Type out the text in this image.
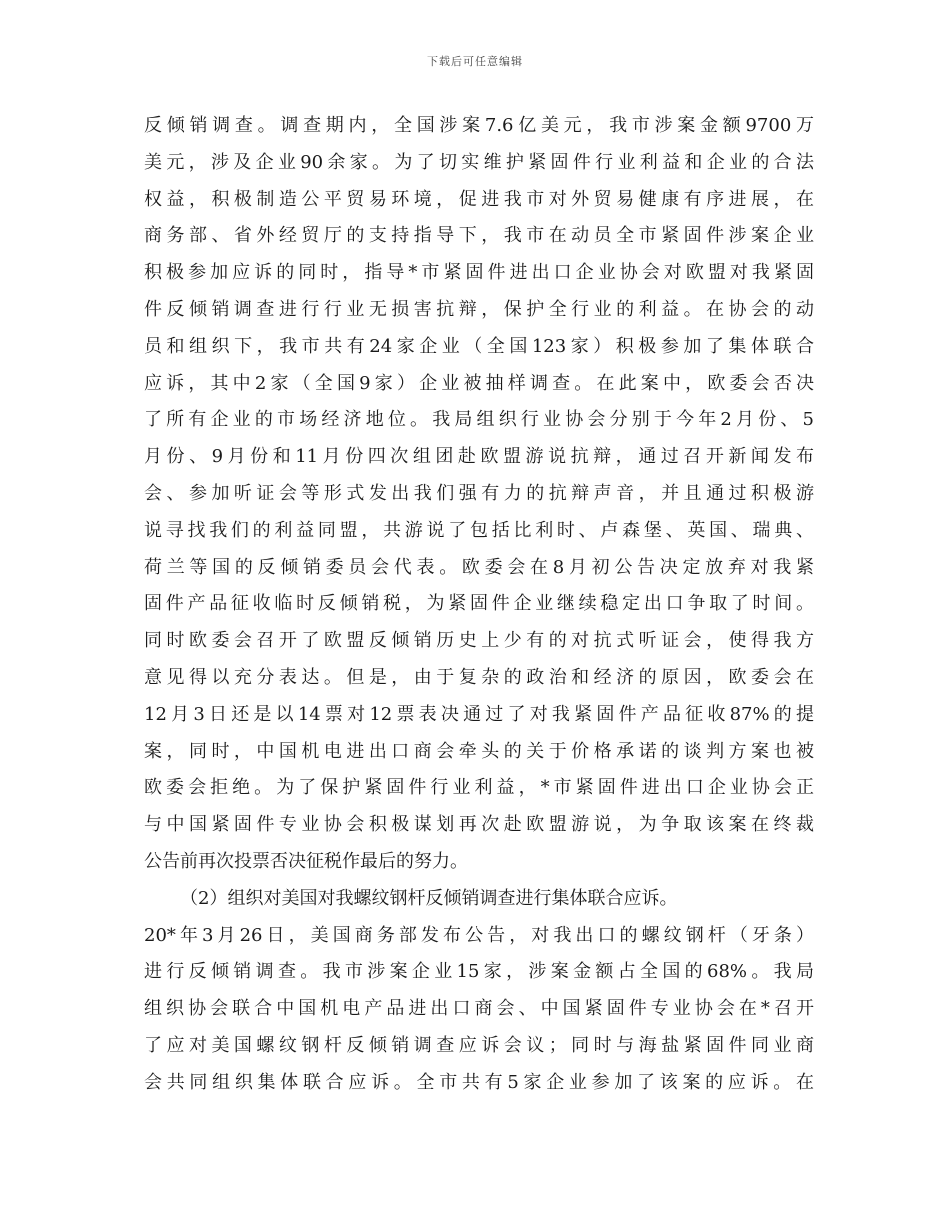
下载后可任意编辑
反倾销调查。调查期内，全国涉案7.6亿美元，我市涉案金额9700万
美元，涉及企业90余家。为了切实维护紧固件行业利益和企业的合法
权益，积极制造公平贸易环境，促进我市对外贸易健康有序进展，在
商务部、省外经贸厅的支持指导下，我市在动员全市紧固件涉案企业
积极参加应诉的同时，指导*市紧固件进出口企业协会对欧盟对我紧固
件反倾销调查进行行业无损害抗辩，保护全行业的利益。在协会的动
员和组织下，我市共有24家企业（全国123家）积极参加了集体联合
应诉，其中2家（全国9家）企业被抽样调查。在此案中，欧委会否决
了所有企业的市场经济地位。我局组织行业协会分别于今年2月份、5
月份、9月份和11月份四次组团赴欧盟游说抗辩，通过召开新闻发布
会、参加听证会等形式发出我们强有力的抗辩声音，并且通过积极游
说寻找我们的利益同盟，共游说了包括比利时、卢森堡、英国、瑞典、
荷兰等国的反倾销委员会代表。欧委会在8月初公告决定放弃对我紧
固件产品征收临时反倾销税，为紧固件企业继续稳定出口争取了时间。
同时欧委会召开了欧盟反倾销历史上少有的对抗式听证会，使得我方
意见得以充分表达。但是，由于复杂的政治和经济的原因，欧委会在
12月3日还是以14票对12票表决通过了对我紧固件产品征收87%的提
案，同时，中国机电进出口商会牵头的关于价格承诺的谈判方案也被
欧委会拒绝。为了保护紧固件行业利益，*市紧固件进出口企业协会正
与中国紧固件专业协会积极谋划再次赴欧盟游说，为争取该案在终裁
公告前再次投票否决征税作最后的努力。
（2）组织对美国对我螺纹钢杆反倾销调查进行集体联合应诉。
20*年3月26日，美国商务部发布公告，对我出口的螺纹钢杆（牙条）
进行反倾销调查。我市涉案企业15家，涉案金额占全国的68%。我局
组织协会联合中国机电产品进出口商会、中国紧固件专业协会在*召开
了应对美国螺纹钢杆反倾销调查应诉会议；同时与海盐紧固件同业商
会共同组织集体联合应诉。全市共有5家企业参加了该案的应诉。在
